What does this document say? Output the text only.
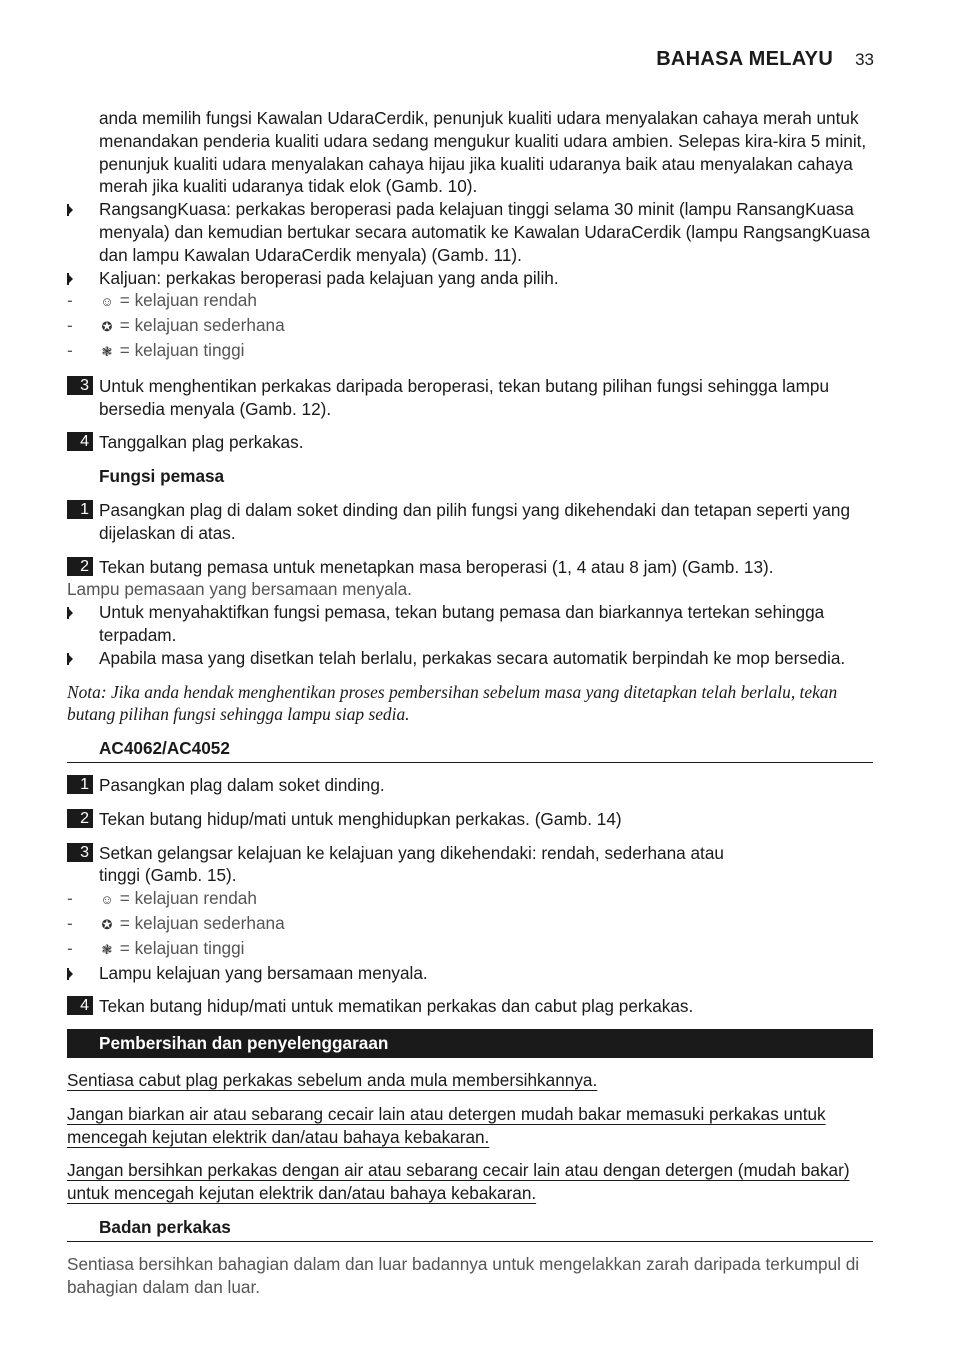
BAHASA MELAYU 33

anda memilih fungsi Kawalan UdaraCerdik, penunjuk kualiti udara menyalakan cahaya merah untuk menandakan penderia kualiti udara sedang mengukur kualiti udara ambien. Selepas kira-kira 5 minit, penunjuk kualiti udara menyalakan cahaya hijau jika kualiti udaranya baik atau menyalakan cahaya merah jika kualiti udaranya tidak elok (Gamb. 10).

RangsangKuasa: perkakas beroperasi pada kelajuan tinggi selama 30 minit (lampu RansangKuasa menyala) dan kemudian bertukar secara automatik ke Kawalan UdaraCerdik (lampu RangsangKuasa dan lampu Kawalan UdaraCerdik menyala) (Gamb. 11).
Kaljuan: perkakas beroperasi pada kelajuan yang anda pilih.
- ☺ = kelajuan rendah
- ✪ = kelajuan sederhana
- ❃ = kelajuan tinggi
3 Untuk menghentikan perkakas daripada beroperasi, tekan butang pilihan fungsi sehingga lampu bersedia menyala (Gamb. 12).
4 Tanggalkan plag perkakas.
Fungsi pemasa
1 Pasangkan plag di dalam soket dinding dan pilih fungsi yang dikehendaki dan tetapan seperti yang dijelaskan di atas.
2 Tekan butang pemasa untuk menetapkan masa beroperasi (1, 4 atau 8 jam) (Gamb. 13).

Lampu pemasaan yang bersamaan menyala.

Untuk menyahaktifkan fungsi pemasa, tekan butang pemasa dan biarkannya tertekan sehingga terpadam.
Apabila masa yang disetkan telah berlalu, perkakas secara automatik berpindah ke mop bersedia.

Nota: Jika anda hendak menghentikan proses pembersihan sebelum masa yang ditetapkan telah berlalu, tekan butang pilihan fungsi sehingga lampu siap sedia.

AC4062/AC4052
1 Pasangkan plag dalam soket dinding.
2 Tekan butang hidup/mati untuk menghidupkan perkakas. (Gamb. 14)
3 Setkan gelangsar kelajuan ke kelajuan yang dikehendaki: rendah, sederhana atau tinggi (Gamb. 15).
- ☺ = kelajuan rendah
- ✪ = kelajuan sederhana
- ❃ = kelajuan tinggi
Lampu kelajuan yang bersamaan menyala.
4 Tekan butang hidup/mati untuk mematikan perkakas dan cabut plag perkakas.
Pembersihan dan penyelenggaraan

Sentiasa cabut plag perkakas sebelum anda mula membersihkannya.

Jangan biarkan air atau sebarang cecair lain atau detergen mudah bakar memasuki perkakas untuk mencegah kejutan elektrik dan/atau bahaya kebakaran.

Jangan bersihkan perkakas dengan air atau sebarang cecair lain atau dengan detergen (mudah bakar) untuk mencegah kejutan elektrik dan/atau bahaya kebakaran.

Badan perkakas

Sentiasa bersihkan bahagian dalam dan luar badannya untuk mengelakkan zarah daripada terkumpul di bahagian dalam dan luar.
